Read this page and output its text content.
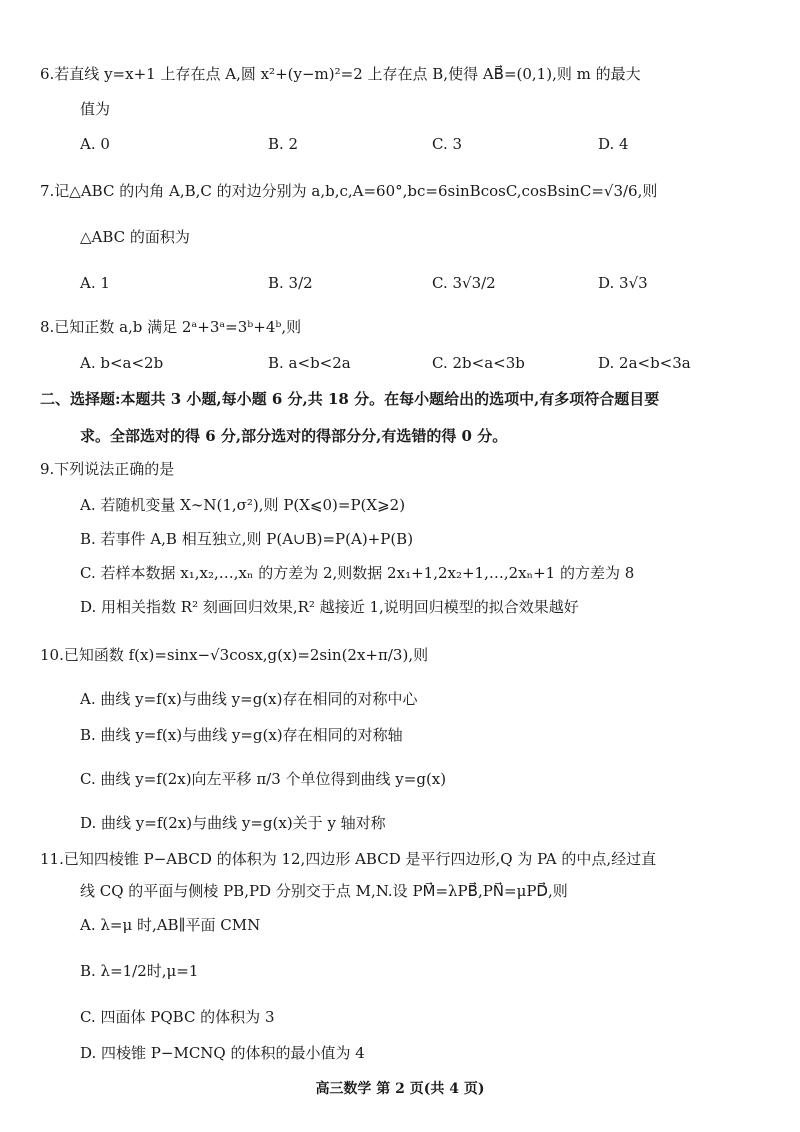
6.若直线 y=x+1 上存在点 A,圆 x²+(y−m)²=2 上存在点 B,使得 AB⃗=(0,1),则 m 的最大
值为
A. 0	B. 2	C. 3	D. 4
7.记△ABC 的内角 A,B,C 的对边分别为 a,b,c,A=60°,bc=6sinBcosC,cosBsinC=√3/6,则
△ABC 的面积为
A. 1	B. 3/2	C. 3√3/2	D. 3√3
8.已知正数 a,b 满足 2ᵃ+3ᵃ=3ᵇ+4ᵇ,则
A. b<a<2b	B. a<b<2a	C. 2b<a<3b	D. 2a<b<3a
二、选择题:本题共 3 小题,每小题 6 分,共 18 分。在每小题给出的选项中,有多项符合题目要
求。全部选对的得 6 分,部分选对的得部分分,有选错的得 0 分。
9.下列说法正确的是
A. 若随机变量 X∼N(1,σ²),则 P(X⩽0)=P(X⩾2)
B. 若事件 A,B 相互独立,则 P(A∪B)=P(A)+P(B)
C. 若样本数据 x₁,x₂,…,xₙ 的方差为 2,则数据 2x₁+1,2x₂+1,…,2xₙ+1 的方差为 8
D. 用相关指数 R² 刻画回归效果,R² 越接近 1,说明回归模型的拟合效果越好
10.已知函数 f(x)=sinx−√3cosx,g(x)=2sin(2x+π/3),则
A. 曲线 y=f(x)与曲线 y=g(x)存在相同的对称中心
B. 曲线 y=f(x)与曲线 y=g(x)存在相同的对称轴
C. 曲线 y=f(2x)向左平移 π/3 个单位得到曲线 y=g(x)
D. 曲线 y=f(2x)与曲线 y=g(x)关于 y 轴对称
11.已知四棱锥 P−ABCD 的体积为 12,四边形 ABCD 是平行四边形,Q 为 PA 的中点,经过直
线 CQ 的平面与侧棱 PB,PD 分别交于点 M,N.设 PM⃗=λPB⃗,PN⃗=μPD⃗,则
A. λ=μ 时,AB∥平面 CMN
B. λ=1/2时,μ=1
C. 四面体 PQBC 的体积为 3
D. 四棱锥 P−MCNQ 的体积的最小值为 4
高三数学 第 2 页(共 4 页)
